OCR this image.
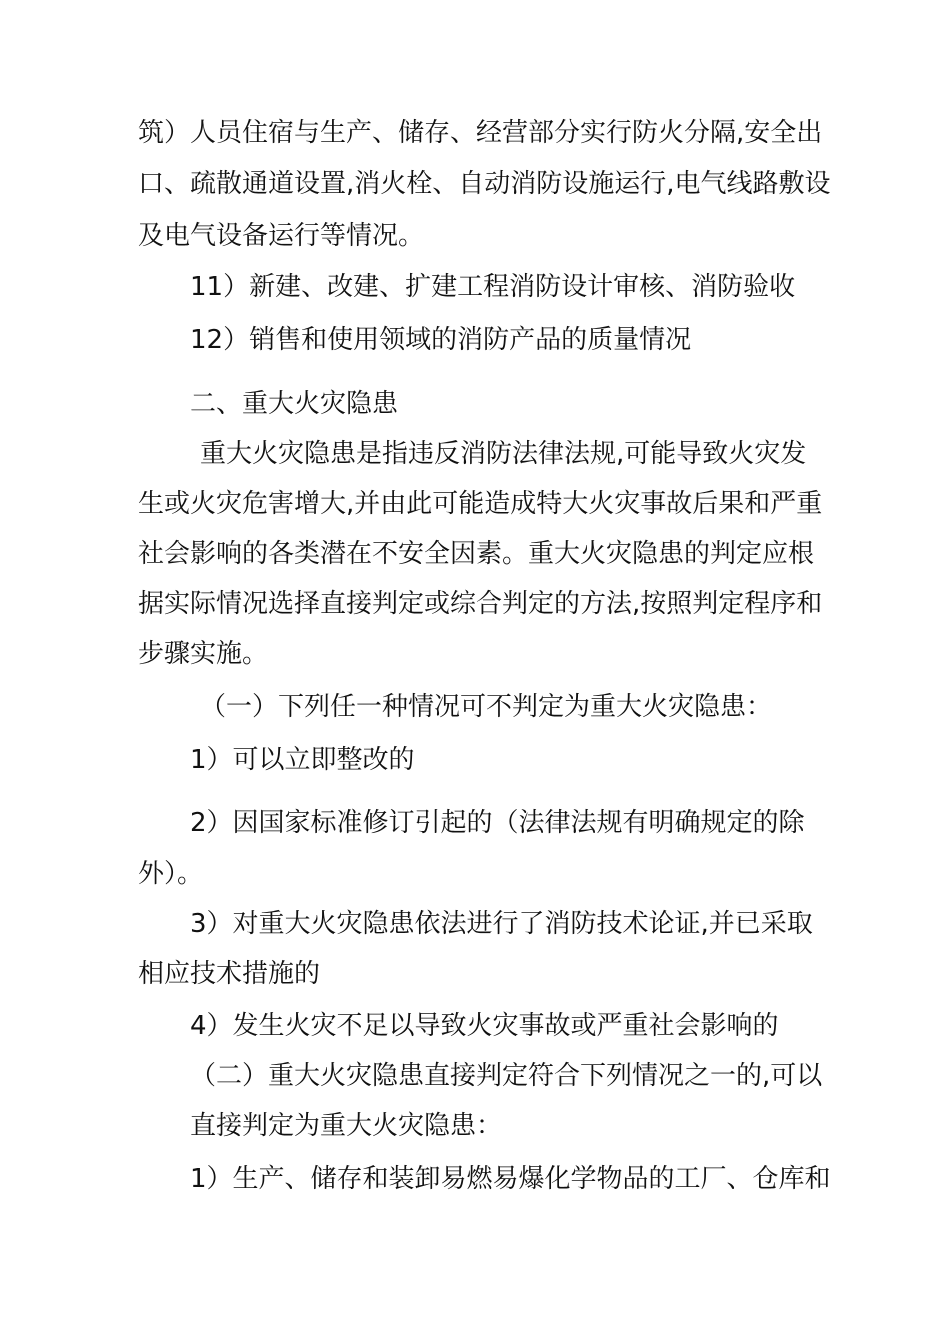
筑）人员住宿与生产、储存、经营部分实行防火分隔,安全出
口、疏散通道设置,消火栓、自动消防设施运行,电气线路敷设
及电气设备运行等情况。
11）新建、改建、扩建工程消防设计审核、消防验收
12）销售和使用领域的消防产品的质量情况
二、重大火灾隐患
重大火灾隐患是指违反消防法律法规,可能导致火灾发
生或火灾危害增大,并由此可能造成特大火灾事故后果和严重
社会影响的各类潜在不安全因素。重大火灾隐患的判定应根
据实际情况选择直接判定或综合判定的方法,按照判定程序和
步骤实施。
（一）下列任一种情况可不判定为重大火灾隐患：
1）可以立即整改的
2）因国家标准修订引起的（法律法规有明确规定的除
外）。
3）对重大火灾隐患依法进行了消防技术论证,并已采取
相应技术措施的
4）发生火灾不足以导致火灾事故或严重社会影响的
（二）重大火灾隐患直接判定符合下列情况之一的,可以
直接判定为重大火灾隐患：
1）生产、储存和装卸易燃易爆化学物品的工厂、仓库和
